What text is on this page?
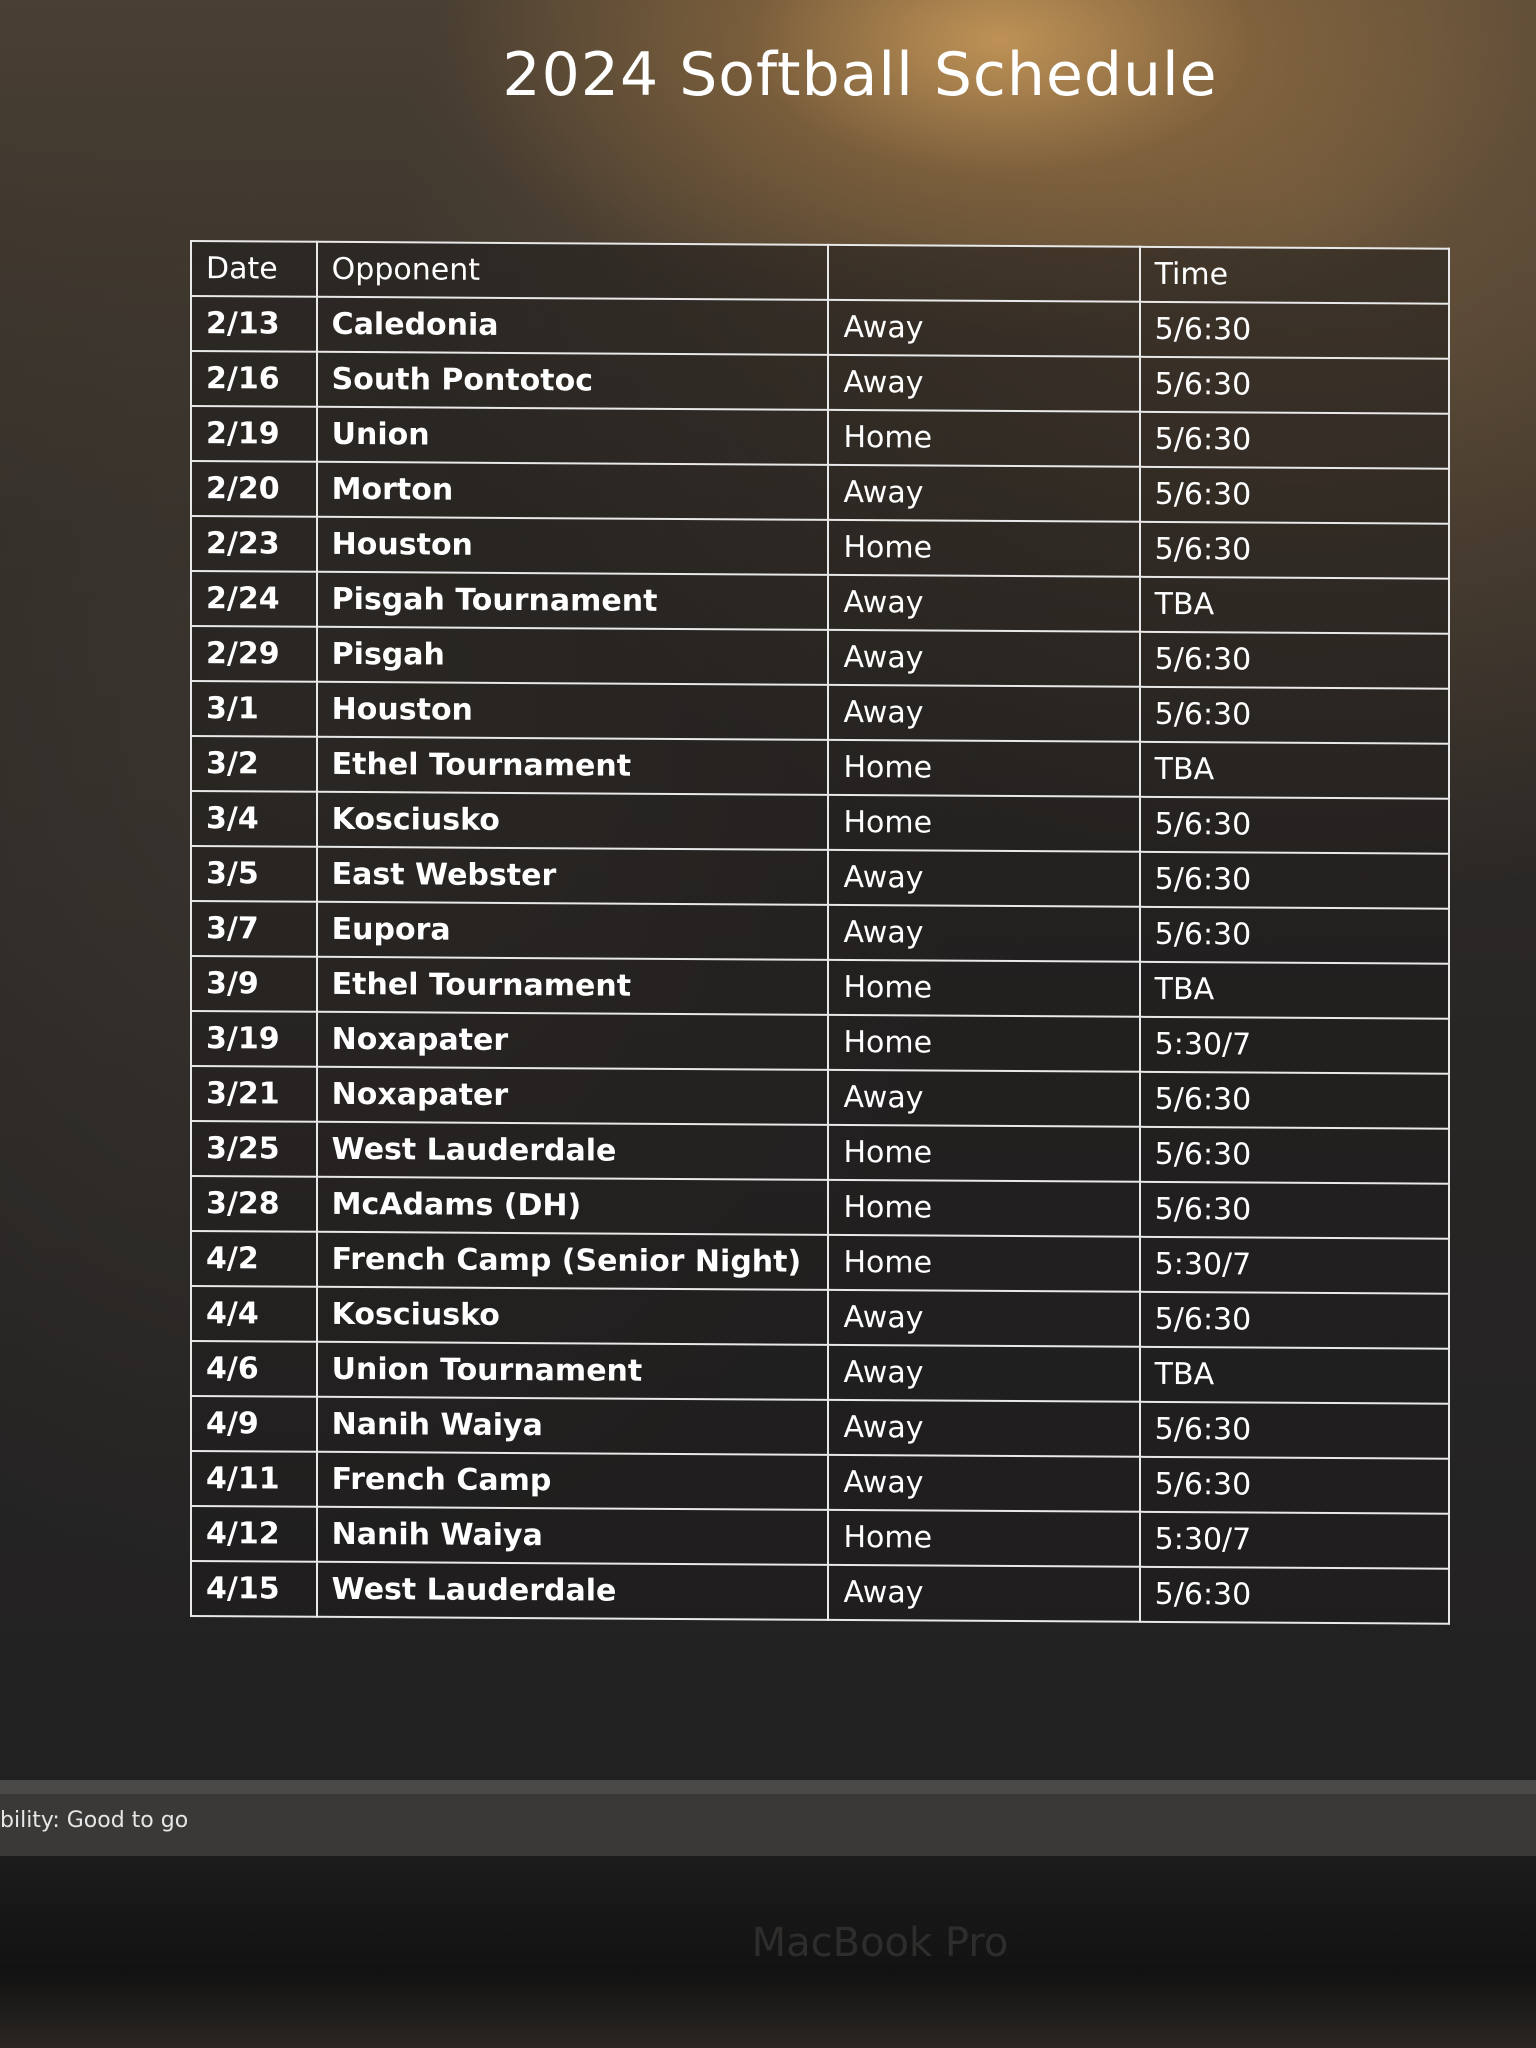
2024 Softball Schedule
Date	Opponent		Time
2/13	Caledonia	Away	5/6:30
2/16	South Pontotoc	Away	5/6:30
2/19	Union	Home	5/6:30
2/20	Morton	Away	5/6:30
2/23	Houston	Home	5/6:30
2/24	Pisgah Tournament	Away	TBA
2/29	Pisgah	Away	5/6:30
3/1	Houston	Away	5/6:30
3/2	Ethel Tournament	Home	TBA
3/4	Kosciusko	Home	5/6:30
3/5	East Webster	Away	5/6:30
3/7	Eupora	Away	5/6:30
3/9	Ethel Tournament	Home	TBA
3/19	Noxapater	Home	5:30/7
3/21	Noxapater	Away	5/6:30
3/25	West Lauderdale	Home	5/6:30
3/28	McAdams (DH)	Home	5/6:30
4/2	French Camp (Senior Night)	Home	5:30/7
4/4	Kosciusko	Away	5/6:30
4/6	Union Tournament	Away	TBA
4/9	Nanih Waiya	Away	5/6:30
4/11	French Camp	Away	5/6:30
4/12	Nanih Waiya	Home	5:30/7
4/15	West Lauderdale	Away	5/6:30
bility: Good to go
MacBook Pro
